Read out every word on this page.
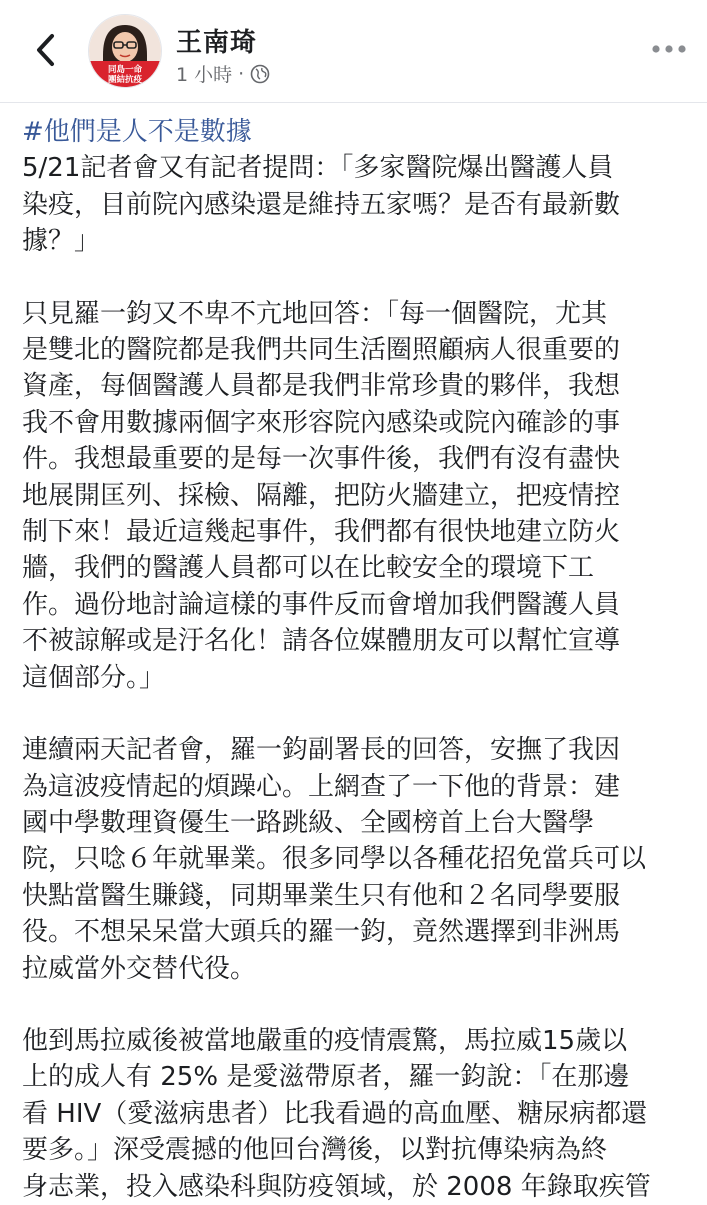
同島一命
團結抗疫
王南琦
1 小時 ·
#他們是人不是數據

5/21記者會又有記者提問：「多家醫院爆出醫護人員
染疫，目前院內感染還是維持五家嗎？是否有最新數
據？」

只見羅一鈞又不卑不亢地回答：「每一個醫院，尤其
是雙北的醫院都是我們共同生活圈照顧病人很重要的
資產，每個醫護人員都是我們非常珍貴的夥伴，我想
我不會用數據兩個字來形容院內感染或院內確診的事
件。我想最重要的是每一次事件後，我們有沒有盡快
地展開匡列、採檢、隔離，把防火牆建立，把疫情控
制下來！最近這幾起事件，我們都有很快地建立防火
牆，我們的醫護人員都可以在比較安全的環境下工
作。過份地討論這樣的事件反而會增加我們醫護人員
不被諒解或是汙名化！請各位媒體朋友可以幫忙宣導
這個部分。」

連續兩天記者會，羅一鈞副署長的回答，安撫了我因
為這波疫情起的煩躁心。上網查了一下他的背景：建
國中學數理資優生一路跳級、全國榜首上台大醫學
院，只唸６年就畢業。很多同學以各種花招免當兵可以
快點當醫生賺錢，同期畢業生只有他和２名同學要服
役。不想呆呆當大頭兵的羅一鈞，竟然選擇到非洲馬
拉威當外交替代役。

他到馬拉威後被當地嚴重的疫情震驚，馬拉威15歲以
上的成人有 25% 是愛滋帶原者，羅一鈞說：「在那邊
看 HIV（愛滋病患者）比我看過的高血壓、糖尿病都還
要多。」深受震撼的他回台灣後，以對抗傳染病為終
身志業，投入感染科與防疫領域，於 2008 年錄取疾管
